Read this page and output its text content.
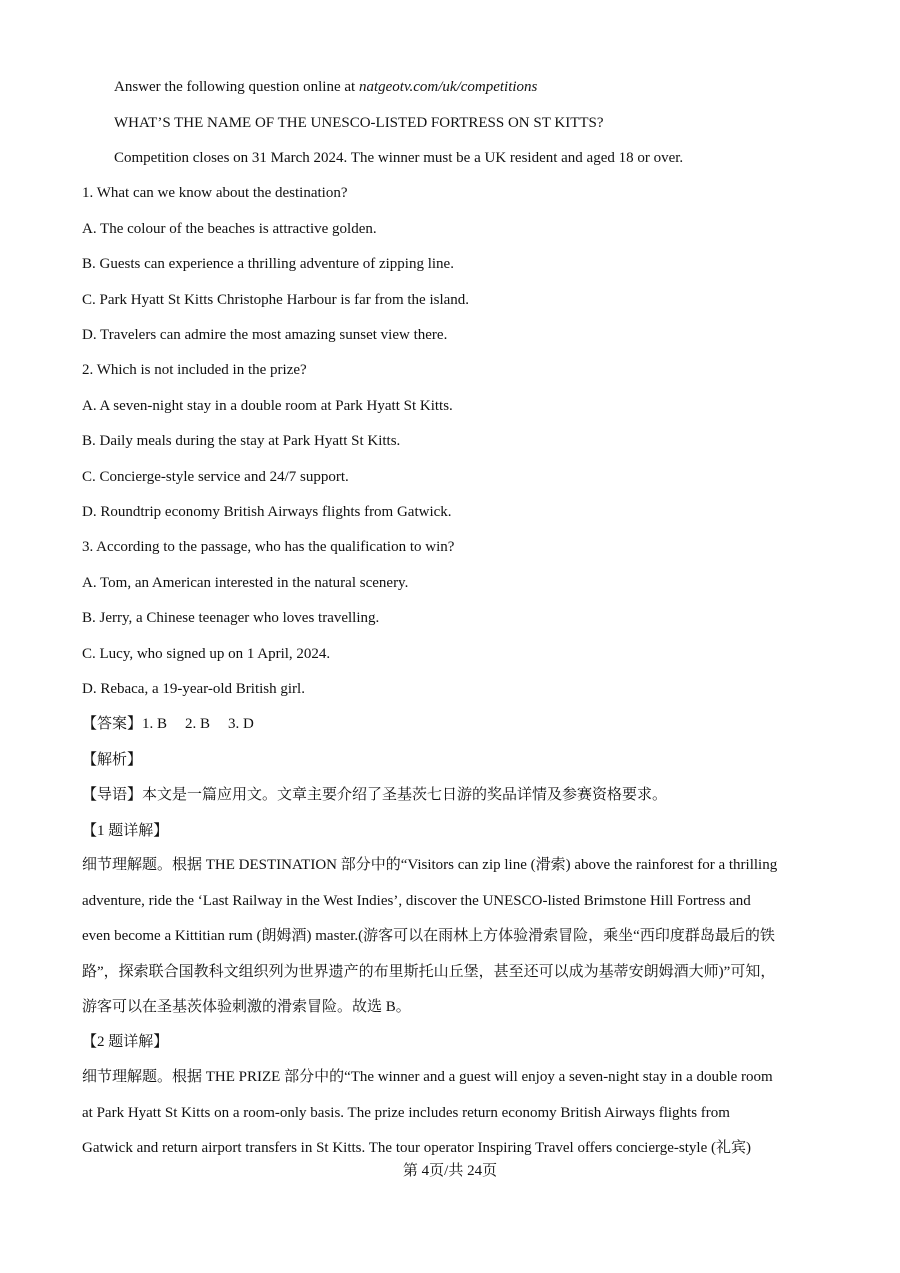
Answer the following question online at natgeotv.com/uk/competitions
WHAT’S THE NAME OF THE UNESCO-LISTED FORTRESS ON ST KITTS?
Competition closes on 31 March 2024. The winner must be a UK resident and aged 18 or over.
1. What can we know about the destination?
A. The colour of the beaches is attractive golden.
B. Guests can experience a thrilling adventure of zipping line.
C. Park Hyatt St Kitts Christophe Harbour is far from the island.
D. Travelers can admire the most amazing sunset view there.
2. Which is not included in the prize?
A. A seven-night stay in a double room at Park Hyatt St Kitts.
B. Daily meals during the stay at Park Hyatt St Kitts.
C. Concierge-style service and 24/7 support.
D. Roundtrip economy British Airways flights from Gatwick.
3. According to the passage, who has the qualification to win?
A. Tom, an American interested in the natural scenery.
B. Jerry, a Chinese teenager who loves travelling.
C. Lucy, who signed up on 1 April, 2024.
D. Rebaca, a 19-year-old British girl.
【答案】1. B 2. B 3. D
【解析】
【导语】本文是一篇应用文。文章主要介绍了圣基茨七日游的奖品详情及参赛资格要求。
【1 题详解】
细节理解题。根据 THE DESTINATION 部分中的“Visitors can zip line (滑索) above the rainforest for a thrilling
adventure, ride the ‘Last Railway in the West Indies’, discover the UNESCO-listed Brimstone Hill Fortress and
even become a Kittitian rum (朗姆酒) master.(游客可以在雨林上方体验滑索冒险，乘坐“西印度群岛最后的铁
路”，探索联合国教科文组织列为世界遗产的布里斯托山丘堡，甚至还可以成为基蒂安朗姆酒大师)”可知，
游客可以在圣基茨体验刺激的滑索冒险。故选 B。
【2 题详解】
细节理解题。根据 THE PRIZE 部分中的“The winner and a guest will enjoy a seven-night stay in a double room
at Park Hyatt St Kitts on a room-only basis. The prize includes return economy British Airways flights from
Gatwick and return airport transfers in St Kitts. The tour operator Inspiring Travel offers concierge-style (礼宾)
第 4页/共 24页
